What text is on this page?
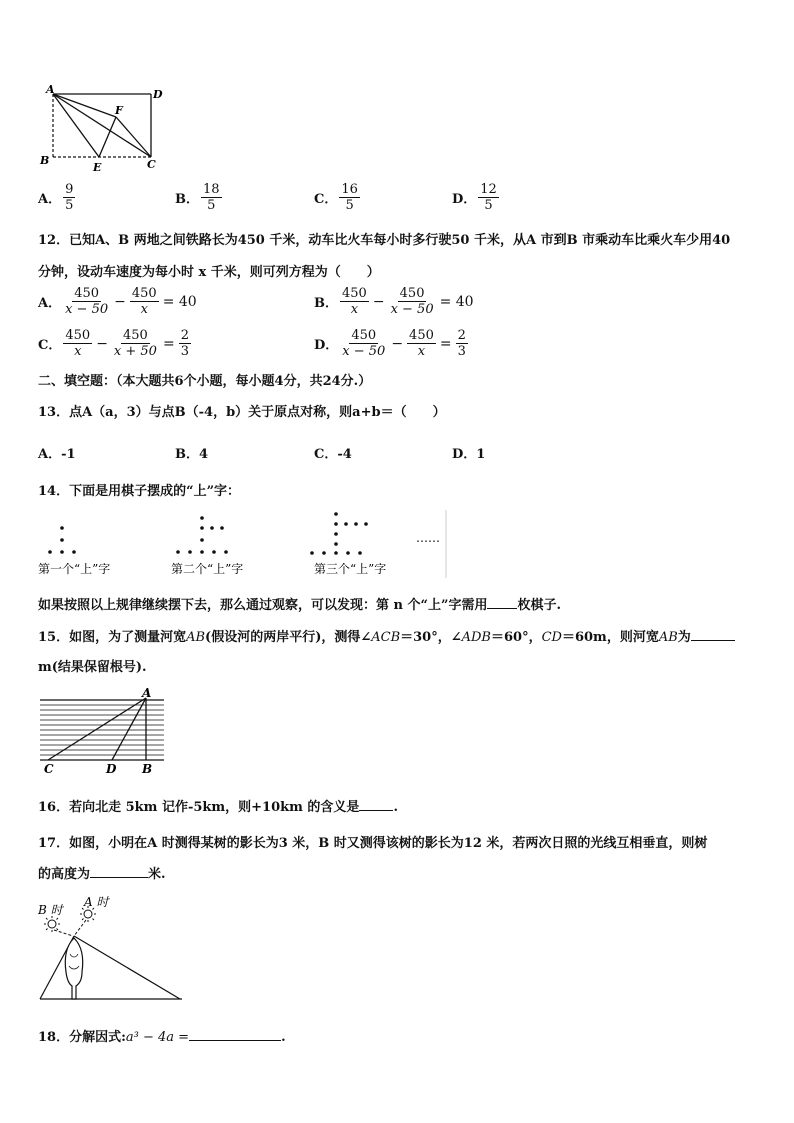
A	D
B	C
E
F
A． $\frac{9}{5}$	B． $\frac{18}{5}$	C． $\frac{16}{5}$	D． $\frac{12}{5}$
12．已知A、B 两地之间铁路长为450 千米，动车比火车每小时多行驶50 千米，从A 市到B 市乘动车比乘火车少用40
分钟，设动车速度为每小时 x 千米，则可列方程为（　　）
A． $\frac{450}{x - 50} - \frac{450}{x} = 40$	B． $\frac{450}{x} - \frac{450}{x - 50} = 40$
C． $\frac{450}{x} - \frac{450}{x + 50} = \frac{2}{3}$	D． $\frac{450}{x - 50} - \frac{450}{x} = \frac{2}{3}$
二、填空题：（本大题共6个小题，每小题4分，共24分.）
13．点A（a，3）与点B（-4，b）关于原点对称，则a+b＝（　　）
A．-1	B．4	C．-4	D．1
14．下面是用棋子摆成的“上”字：
第一个“上”字	第二个“上”字	第三个“上”字
……
如果按照以上规律继续摆下去，那么通过观察，可以发现：第 n 个“上”字需用 枚棋子.
15．如图，为了测量河宽AB(假设河的两岸平行)，测得∠ACB＝30°，∠ADB＝60°，CD＝60m，则河宽AB为
m(结果保留根号).
A
C	D B
16．若向北走 5km 记作-5km，则+10km 的含义是	.
17．如图，小明在A 时测得某树的影长为3 米，B 时又测得该树的影长为12 米，若两次日照的光线互相垂直，则树
的高度为	米.
B 时
A 时
18．分解因式:a³ − 4a =	.
